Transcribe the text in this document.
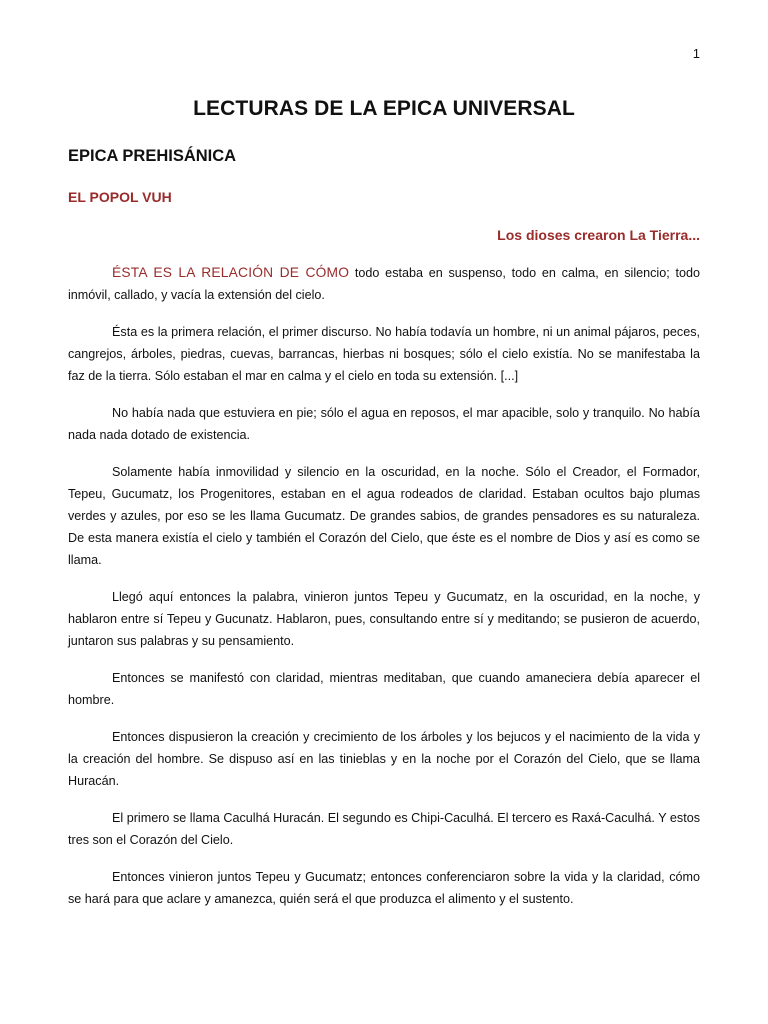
1
LECTURAS DE LA EPICA UNIVERSAL
EPICA PREHISÁNICA
EL POPOL VUH
Los dioses crearon La Tierra...

ÉSTA ES LA RELACIÓN DE CÓMO todo estaba en suspenso, todo en calma, en silencio; todo inmóvil, callado, y vacía la extensión del cielo.

Ésta es la primera relación, el primer discurso. No había todavía un hombre, ni un animal pájaros, peces, cangrejos, árboles, piedras, cuevas, barrancas, hierbas ni bosques; sólo el cielo existía. No se manifestaba la faz de la tierra. Sólo estaban el mar en calma y el cielo en toda su extensión. [...]

No había nada que estuviera en pie; sólo el agua en reposos, el mar apacible, solo y tranquilo. No había nada nada dotado de existencia.

Solamente había inmovilidad y silencio en la oscuridad, en la noche. Sólo el Creador, el Formador, Tepeu, Gucumatz, los Progenitores, estaban en el agua rodeados de claridad. Estaban ocultos bajo plumas verdes y azules, por eso se les llama Gucumatz. De grandes sabios, de grandes pensadores es su naturaleza. De esta manera existía el cielo y también el Corazón del Cielo, que éste es el nombre de Dios y así es como se llama.

Llegó aquí entonces la palabra, vinieron juntos Tepeu y Gucumatz, en la oscuridad, en la noche, y hablaron entre sí Tepeu y Gucunatz. Hablaron, pues, consultando entre sí y meditando; se pusieron de acuerdo, juntaron sus palabras y su pensamiento.

Entonces se manifestó con claridad, mientras meditaban, que cuando amaneciera debía aparecer el hombre.

Entonces dispusieron la creación y crecimiento de los árboles y los bejucos y el nacimiento de la vida y la creación del hombre. Se dispuso así en las tinieblas y en la noche por el Corazón del Cielo, que se llama Huracán.

El primero se llama Caculhá Huracán. El segundo es Chipi-Caculhá. El tercero es Raxá-Caculhá. Y estos tres son el Corazón del Cielo.

Entonces vinieron juntos Tepeu y Gucumatz; entonces conferenciaron sobre la vida y la claridad, cómo se hará para que aclare y amanezca, quién será el que produzca el alimento y el sustento.
